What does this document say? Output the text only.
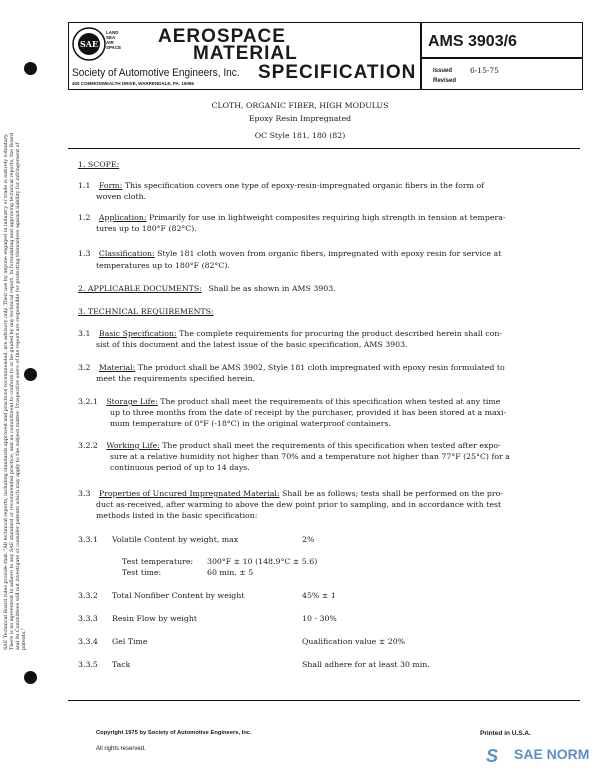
SAE
LAND
SEA
AIR
SPACE
AEROSPACE
MATERIAL
SPECIFICATION
Society of Automotive Engineers, Inc.
400 COMMONWEALTH DRIVE, WARRENDALE, PA. 15096
AMS 3903/6
Issued 6-15-75
Revised
SAE Technical Board rules provide that: "All technical reports, including standards approved and practices recommended, are advisory only. Their use by anyone engaged in industry or trade is entirely voluntary. There is no agreement to adhere to any SAE standard or recommended practice, and no commitment to conform to or be guided by any technical report. In formulating and approving technical reports, the Board and its Committees will not investigate or consider patents which may apply to the subject matter. Prospective users of the report are responsible for protecting themselves against liability for infringement of patents."
CLOTH, ORGANIC FIBER, HIGH MODULUS
Epoxy Resin Impregnated
OC Style 181, 180 (82)
1. SCOPE:
1.1 Form: This specification covers one type of epoxy-resin-impregnated organic fibers in the form of
woven cloth.
1.2 Application: Primarily for use in lightweight composites requiring high strength in tension at tempera-
tures up to 180°F (82°C).
1.3 Classification: Style 181 cloth woven from organic fibers, impregnated with epoxy resin for service at
temperatures up to 180°F (82°C).
2. APPLICABLE DOCUMENTS: Shall be as shown in AMS 3903.
3. TECHNICAL REQUIREMENTS:
3.1 Basic Specification: The complete requirements for procuring the product described herein shall con-
sist of this document and the latest issue of the basic specification, AMS 3903.
3.2 Material: The product shall be AMS 3902, Style 181 cloth impregnated with epoxy resin formulated to
meet the requirements specified herein.
3.2.1 Storage Life: The product shall meet the requirements of this specification when tested at any time
up to three months from the date of receipt by the purchaser, provided it has been stored at a maxi-
mum temperature of 0°F (-18°C) in the original waterproof containers.
3.2.2 Working Life: The product shall meet the requirements of this specification when tested after expo-
sure at a relative humidity not higher than 70% and a temperature not higher than 77°F (25°C) for a
continuous period of up to 14 days.
3.3 Properties of Uncured Impregnated Material: Shall be as follows; tests shall be performed on the pro-
duct as-received, after warming to above the dew point prior to sampling, and in accordance with test
methods listed in the basic specification:
3.3.1 Volatile Content by weight, max	2%
Test temperature: 300°F ± 10 (148.9°C ± 5.6)
Test time:	60 min. ± 5
3.3.2 Total Nonfiber Content by weight	45% ± 1
3.3.3 Resin Flow by weight	10 - 30%
3.3.4 Gel Time	Qualification value ± 20%
3.3.5 Tack	Shall adhere for at least 30 min.
Copyright 1975 by Society of Automotive Engineers, Inc.
All rights reserved.
Printed in U.S.A.
S SAE NORM
